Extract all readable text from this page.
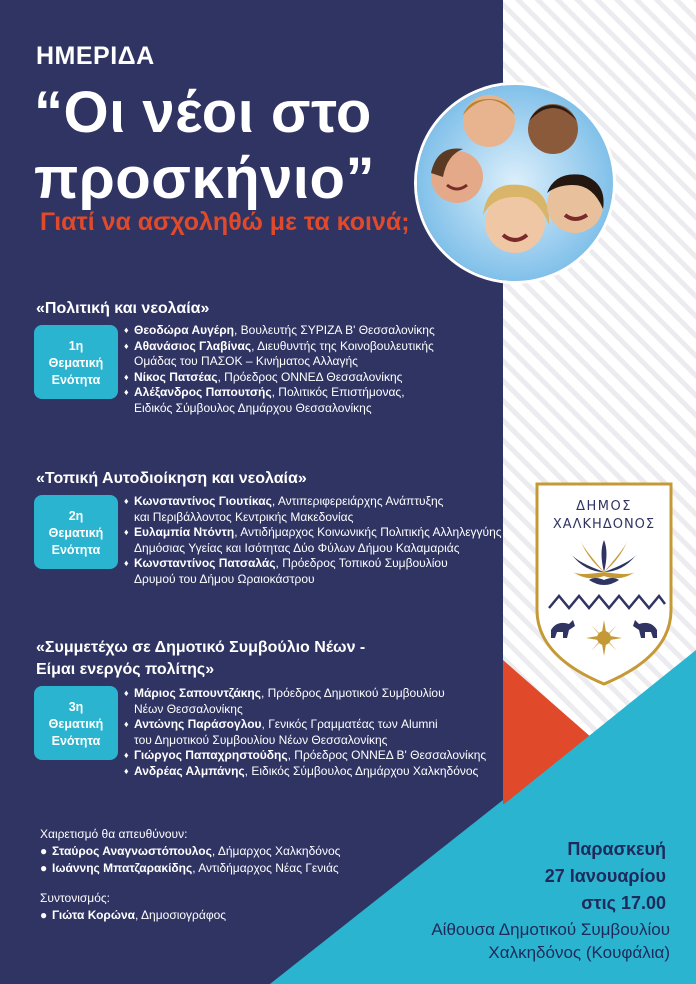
ΗΜΕΡΙΔΑ
“Οι νέοι στο
προσκήνιο”
Γιατί να ασχοληθώ με τα κοινά;
«Πολιτική και νεολαία»
1η
Θεματική
Ενότητα
♦ Θεοδώρα Αυγέρη, Βουλευτής ΣΥΡΙΖΑ Β' Θεσσαλονίκης
♦ Αθανάσιος Γλαβίνας, Διευθυντής της Κοινοβουλευτικής
Ομάδας του ΠΑΣΟΚ – Κινήματος Αλλαγής
♦ Νίκος Πατσέας, Πρόεδρος ΟΝΝΕΔ Θεσσαλονίκης
♦ Αλέξανδρος Παπουτσής, Πολιτικός Επιστήμονας,
Ειδικός Σύμβουλος Δημάρχου Θεσσαλονίκης
«Τοπική Αυτοδιοίκηση και νεολαία»
2η
Θεματική
Ενότητα
♦ Κωνσταντίνος Γιουτίκας, Αντιπεριφερειάρχης Ανάπτυξης
και Περιβάλλοντος Κεντρικής Μακεδονίας
♦ Ευλαμπία Ντόντη, Αντιδήμαρχος Κοινωνικής Πολιτικής Αλληλεγγύης
Δημόσιας Υγείας και Ισότητας Δύο Φύλων Δήμου Καλαμαριάς
♦ Κωνσταντίνος Πατσαλάς, Πρόεδρος Τοπικού Συμβουλίου
Δρυμού του Δήμου Ωραιοκάστρου
«Συμμετέχω σε Δημοτικό Συμβούλιο Νέων -
Είμαι ενεργός πολίτης»
3η
Θεματική
Ενότητα
♦ Μάριος Σαπουντζάκης, Πρόεδρος Δημοτικού Συμβουλίου
Νέων Θεσσαλονίκης
♦ Αντώνης Παράσογλου, Γενικός Γραμματέας των Alumni
του Δημοτικού Συμβουλίου Νέων Θεσσαλονίκης
♦ Γιώργος Παπαχρηστούδης, Πρόεδρος ΟΝΝΕΔ Β' Θεσσαλονίκης
♦ Ανδρέας Αλμπάνης, Ειδικός Σύμβουλος Δημάρχου Χαλκηδόνος
Χαιρετισμό θα απευθύνουν:
● Σταύρος Αναγνωστόπουλος, Δήμαρχος Χαλκηδόνος
● Ιωάννης Μπατζαρακίδης, Αντιδήμαρχος Νέας Γενιάς
Συντονισμός:
● Γιώτα Κορώνα, Δημοσιογράφος
Παρασκευή
27 Ιανουαρίου
στις 17.00
Αίθουσα Δημοτικού Συμβουλίου
Χαλκηδόνος (Κουφάλια)
ΔΗΜΟΣ
ΧΑΛΚΗΔΟΝΟΣ
